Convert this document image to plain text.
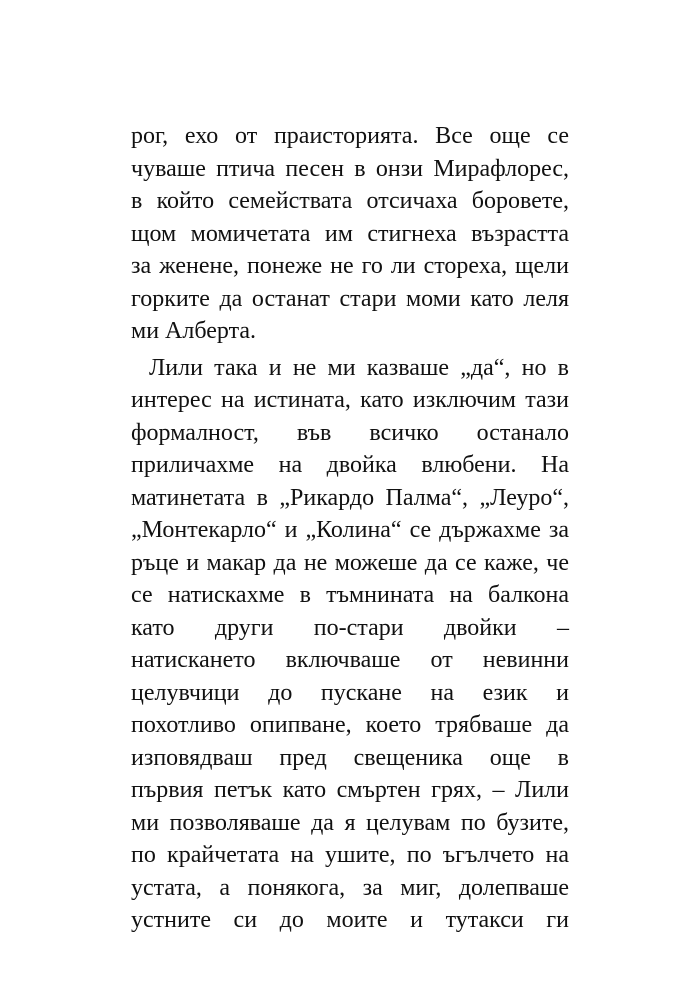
рог, ехо от праисторията. Все още се
чуваше птича песен в онзи Мирафлорес,
в който семействата отсичаха боровете,
щом момичетата им стигнеха възрастта
за женене, понеже не го ли стореха, щели
горките да останат стари моми като леля
ми Алберта.
Лили така и не ми казваше „да“, но в
интерес на истината, като изключим тази
формалност, във всичко останало
приличахме на двойка влюбени. На
матинетата в „Рикардо Палма“, „Леуро“,
„Монтекарло“ и „Колина“ се държахме за
ръце и макар да не можеше да се каже, че
се натискахме в тъмнината на балкона
като други по-стари двойки –
натискането включваше от невинни
целувчици до пускане на език и
похотливо опипване, което трябваше да
изповядваш пред свещеника още в
първия петък като смъртен грях, – Лили
ми позволяваше да я целувам по бузите,
по крайчетата на ушите, по ъгълчето на
устата, а понякога, за миг, долепваше
устните си до моите и тутакси ги
